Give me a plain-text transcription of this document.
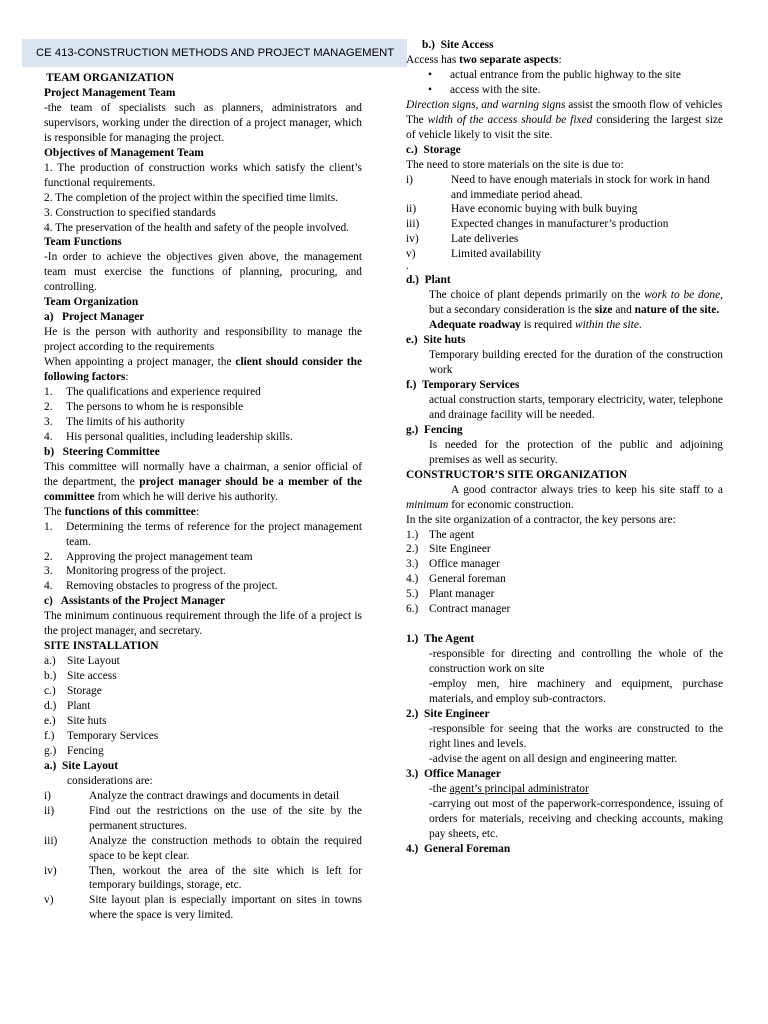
CE 413-CONSTRUCTION METHODS AND PROJECT MANAGEMENT
TEAM ORGANIZATION
Project Management Team
-the team of specialists such as planners, administrators and supervisors, working under the direction of a project manager, which is responsible for managing the project.
Objectives of Management Team
1. The production of construction works which satisfy the client’s functional requirements.
2. The completion of the project within the specified time limits.
3. Construction to specified standards
4. The preservation of the health and safety of the people involved.
Team Functions
-In order to achieve the objectives given above, the management team must exercise the functions of planning, procuring, and controlling.
Team Organization
a)   Project Manager
He is the person with authority and responsibility to manage the project according to the requirements
When appointing a project manager, the client should consider the following factors:
1.	The qualifications and experience required
2.	The persons to whom he is responsible
3.	The limits of his authority
4.	His personal qualities, including leadership skills.
b)   Steering Committee
This committee will normally have a chairman, a senior official of the department, the project manager should be a member of the committee from which he will derive his authority.
The functions of this committee:
1.	Determining the terms of reference for the project management team.
2.	Approving the project management team
3.	Monitoring progress of the project.
4.	Removing obstacles to progress of the project.
c)   Assistants of the Project Manager
The minimum continuous requirement through the life of a project is the project manager, and secretary.
SITE INSTALLATION
a.) Site Layout
b.) Site access
c.) Storage
d.) Plant
e.) Site huts
f.)	Temporary Services
g.) Fencing
a.)  Site Layout
considerations are:
i)	Analyze the contract drawings and documents in detail
ii)	Find out the restrictions on the use of the site by the permanent structures.
iii)	Analyze the construction methods to obtain the required space to be kept clear.
iv)	Then, workout the area of the site which is left for temporary buildings, storage, etc.
v)	Site layout plan is especially important on sites in towns where the space is very limited.
b.)  Site Access
Access has two separate aspects:
•	actual entrance from the public highway to the site
•	access with the site.
Direction signs, and warning signs assist the smooth flow of vehicles
The width of the access should be fixed considering the largest size of vehicle likely to visit the site.
c.)  Storage
The need to store materials on the site is due to:
i)	Need to have enough materials in stock for work in hand and immediate period ahead.
ii)	Have economic buying with bulk buying
iii)	Expected changes in manufacturer’s production
iv)	Late deliveries
v)	Limited availability
.
d.)  Plant
The choice of plant depends primarily on the work to be done, but a secondary consideration is the size and nature of the site.
Adequate roadway is required within the site.
e.)  Site huts
Temporary building erected for the duration of the construction work
f.)  Temporary Services
actual construction starts, temporary electricity, water, telephone and drainage facility will be needed.
g.)  Fencing
Is needed for the protection of the public and adjoining premises as well as security.
CONSTRUCTOR’S SITE ORGANIZATION
A good contractor always tries to keep his site staff to a minimum for economic construction.
In the site organization of a contractor, the key persons are:
1.) The agent
2.) Site Engineer
3.) Office manager
4.) General foreman
5.) Plant manager
6.) Contract manager
1.)  The Agent
-responsible for directing and controlling the whole of the construction work on site
-employ men, hire machinery and equipment, purchase materials, and employ sub-contractors.
2.)  Site Engineer
-responsible for seeing that the works are constructed to the right lines and levels.
-advise the agent on all design and engineering matter.
3.)  Office Manager
-the agent’s principal administrator
-carrying out most of the paperwork-correspondence, issuing of orders for materials, receiving and checking accounts, making pay sheets, etc.
4.)  General Foreman
